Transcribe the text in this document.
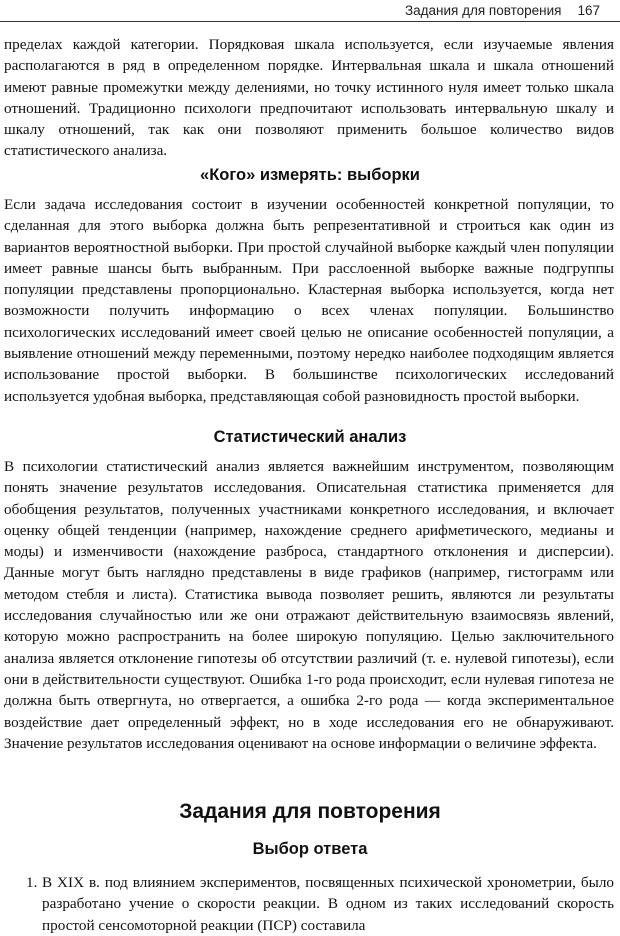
Задания для повторения 167

пределах каждой категории. Порядковая шкала используется, если изучаемые явления располагаются в ряд в определенном порядке. Интервальная шкала и шкала отношений имеют равные промежутки между делениями, но точку истинного нуля имеет только шкала отношений. Традиционно психологи предпочитают использовать интервальную шкалу и шкалу отношений, так как они позволяют применить большое количество видов статистического анализа.

«Кого» измерять: выборки

Если задача исследования состоит в изучении особенностей конкретной популяции, то сделанная для этого выборка должна быть репрезентативной и строиться как один из вариантов вероятностной выборки. При простой случайной выборке каждый член популяции имеет равные шансы быть выбранным. При расслоенной выборке важные подгруппы популяции представлены пропорционально. Кластерная выборка используется, когда нет возможности получить информацию о всех членах популяции. Большинство психологических исследований имеет своей целью не описание особенностей популяции, а выявление отношений между переменными, поэтому нередко наиболее подходящим является использование простой выборки. В большинстве психологических исследований используется удобная выборка, представляющая собой разновидность простой выборки.

Статистический анализ

В психологии статистический анализ является важнейшим инструментом, позволяющим понять значение результатов исследования. Описательная статистика применяется для обобщения результатов, полученных участниками конкретного исследования, и включает оценку общей тенденции (например, нахождение среднего арифметического, медианы и моды) и изменчивости (нахождение разброса, стандартного отклонения и дисперсии). Данные могут быть наглядно представлены в виде графиков (например, гистограмм или методом стебля и листа). Статистика вывода позволяет решить, являются ли результаты исследования случайностью или же они отражают действительную взаимосвязь явлений, которую можно распространить на более широкую популяцию. Целью заключительного анализа является отклонение гипотезы об отсутствии различий (т. е. нулевой гипотезы), если они в действительности существуют. Ошибка 1-го рода происходит, если нулевая гипотеза не должна быть отвергнута, но отвергается, а ошибка 2-го рода — когда экспериментальное воздействие дает определенный эффект, но в ходе исследования его не обнаруживают. Значение результатов исследования оценивают на основе информации о величине эффекта.

Задания для повторения
Выбор ответа
1. В XIX в. под влиянием экспериментов, посвященных психической хронометрии, было разработано учение о скорости реакции. В одном из таких исследований скорость простой сенсомоторной реакции (ПСР) составила
